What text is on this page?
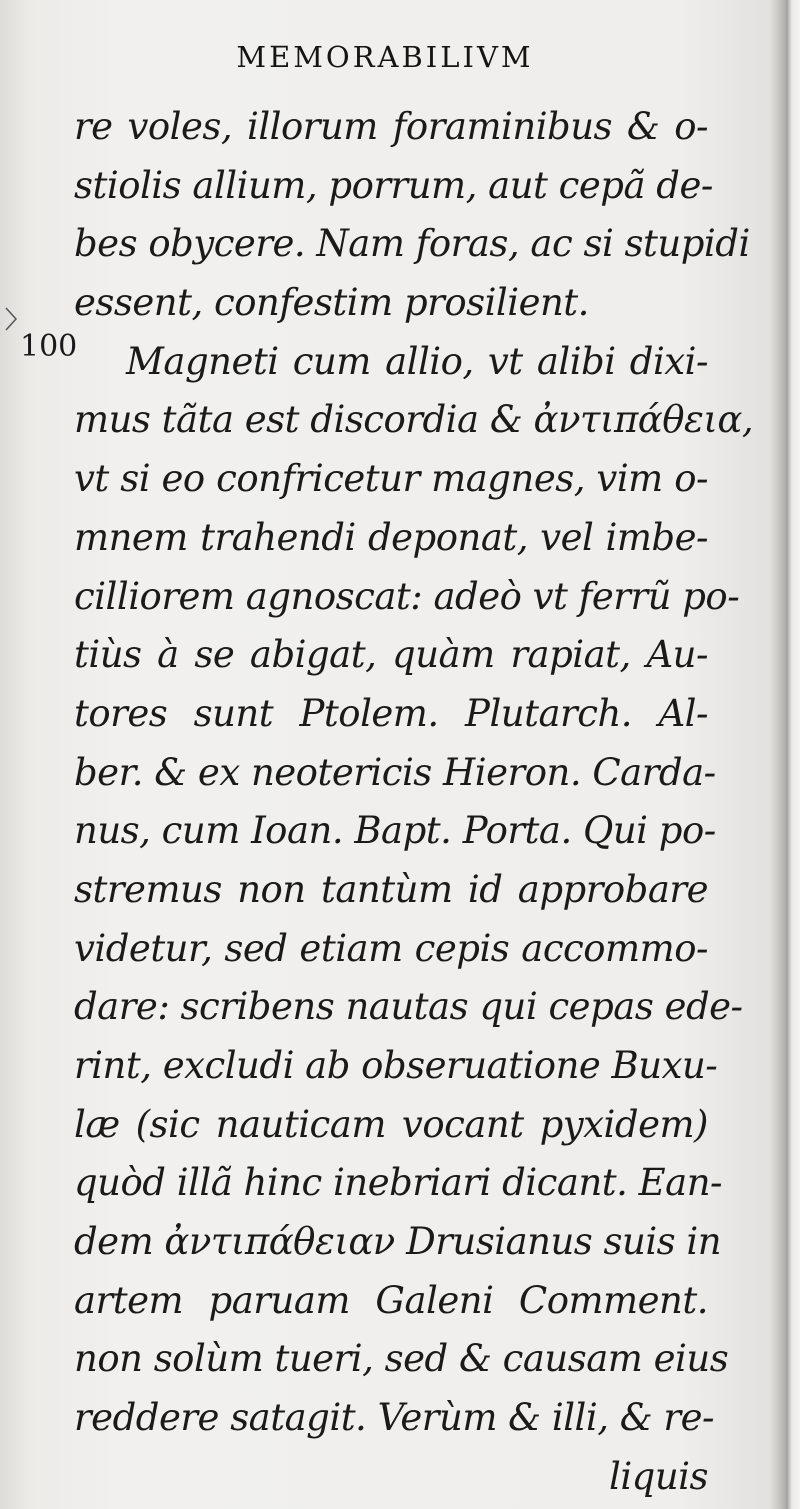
MEMORABILIVM
100
re voles, illorum foraminibus & o-
stiolis allium, porrum, aut cepã de-
bes obycere. Nam foras, ac si stupidi
essent, confestim prosilient.
Magneti cum allio, vt alibi dixi-
mus tãta est discordia & ἀντιπάθεια,
vt si eo confricetur magnes, vim o-
mnem trahendi deponat, vel imbe-
cilliorem agnoscat: adeò vt ferrũ po-
tiùs à se abigat, quàm rapiat, Au-
tores sunt Ptolem. Plutarch. Al-
ber. & ex neotericis Hieron. Carda-
nus, cum Ioan. Bapt. Porta. Qui po-
stremus non tantùm id approbare
videtur, sed etiam cepis accommo-
dare: scribens nautas qui cepas ede-
rint, excludi ab obseruatione Buxu-
læ (sic nauticam vocant pyxidem)
quòd illã hinc inebriari dicant. Ean-
dem ἀντιπάθειαν Drusianus suis in
artem paruam Galeni Comment.
non solùm tueri, sed & causam eius
reddere satagit. Verùm & illi, & re-
liquis
